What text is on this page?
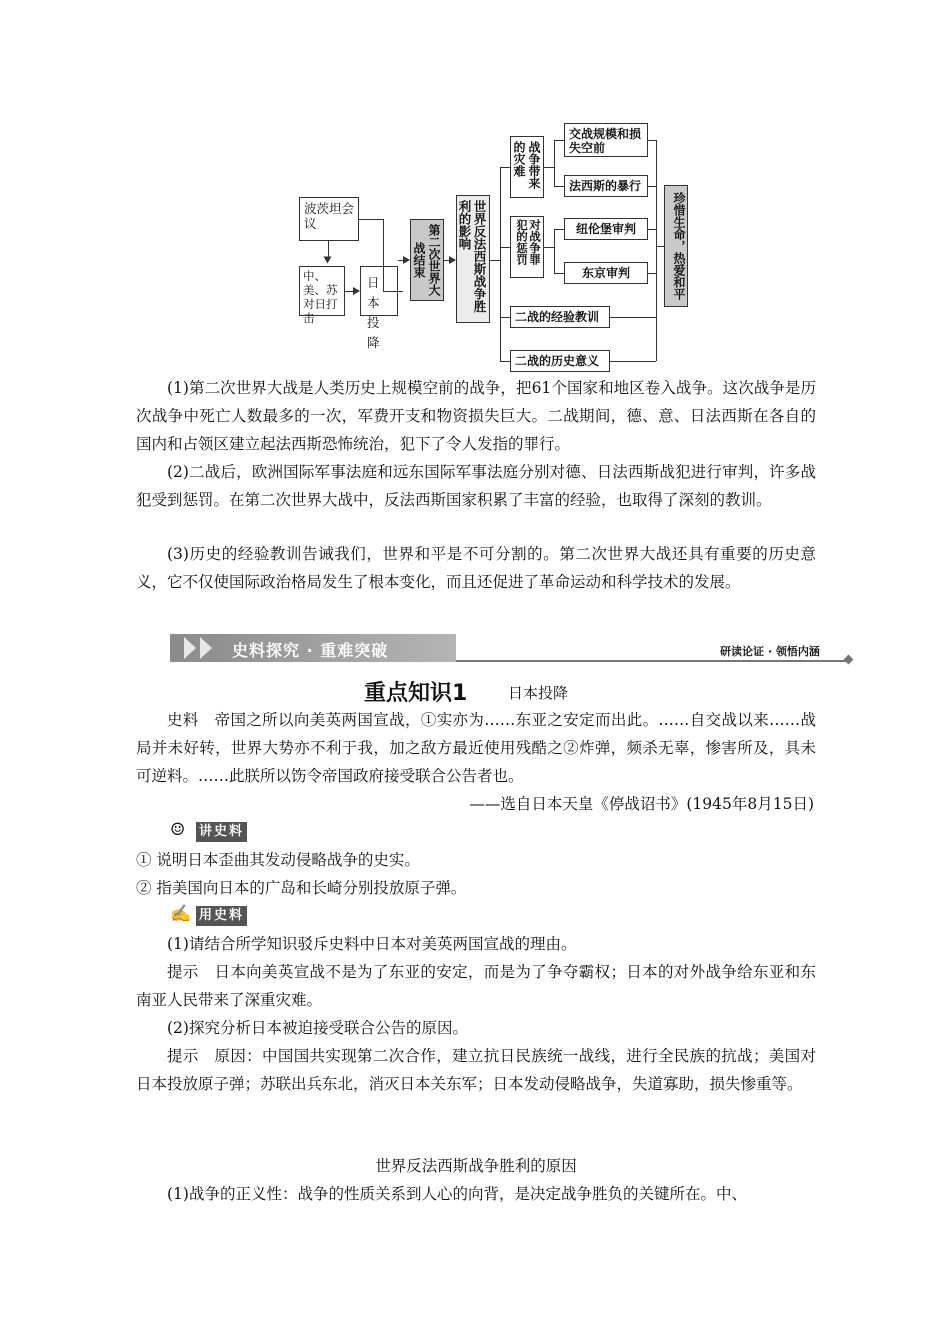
波茨坦会议
中、美、苏对日打击
日本投降
第二次世界大战结束	世界反法西斯战争胜利的影响
战争带来的灾难
对战争罪犯的惩罚
交战规模和损失空前
法西斯的暴行
纽伦堡审判
东京审判
二战的经验教训
二战的历史意义
珍惜生命，热爱和平
(1)第二次世界大战是人类历史上规模空前的战争，把61个国家和地区卷入战争。这次战争是历次战争中死亡人数最多的一次，军费开支和物资损失巨大。二战期间，德、意、日法西斯在各自的国内和占领区建立起法西斯恐怖统治，犯下了令人发指的罪行。
(2)二战后，欧洲国际军事法庭和远东国际军事法庭分别对德、日法西斯战犯进行审判，许多战犯受到惩罚。在第二次世界大战中，反法西斯国家积累了丰富的经验，也取得了深刻的教训。
(3)历史的经验教训告诫我们，世界和平是不可分割的。第二次世界大战还具有重要的历史意义，它不仅使国际政治格局发生了根本变化，而且还促进了革命运动和科学技术的发展。
史料探究 · 重难突破	研读论证 · 领悟内涵
重点知识1	日本投降
史料　帝国之所以向美英两国宣战，①实亦为……东亚之安定而出此。……自交战以来……战局并未好转，世界大势亦不利于我，加之敌方最近使用残酷之②炸弹，频杀无辜，惨害所及，具未可逆料。……此朕所以饬令帝国政府接受联合公告者也。
——选自日本天皇《停战诏书》(1945年8月15日)
☺ 讲史料
① 说明日本歪曲其发动侵略战争的史实。
② 指美国向日本的广岛和长崎分别投放原子弹。
✍ 用史料
(1)请结合所学知识驳斥史料中日本对美英两国宣战的理由。
提示　日本向美英宣战不是为了东亚的安定，而是为了争夺霸权；日本的对外战争给东亚和东南亚人民带来了深重灾难。
(2)探究分析日本被迫接受联合公告的原因。
提示　原因：中国国共实现第二次合作，建立抗日民族统一战线，进行全民族的抗战；美国对日本投放原子弹；苏联出兵东北，消灭日本关东军；日本发动侵略战争，失道寡助，损失惨重等。
世界反法西斯战争胜利的原因
(1)战争的正义性：战争的性质关系到人心的向背，是决定战争胜负的关键所在。中、
